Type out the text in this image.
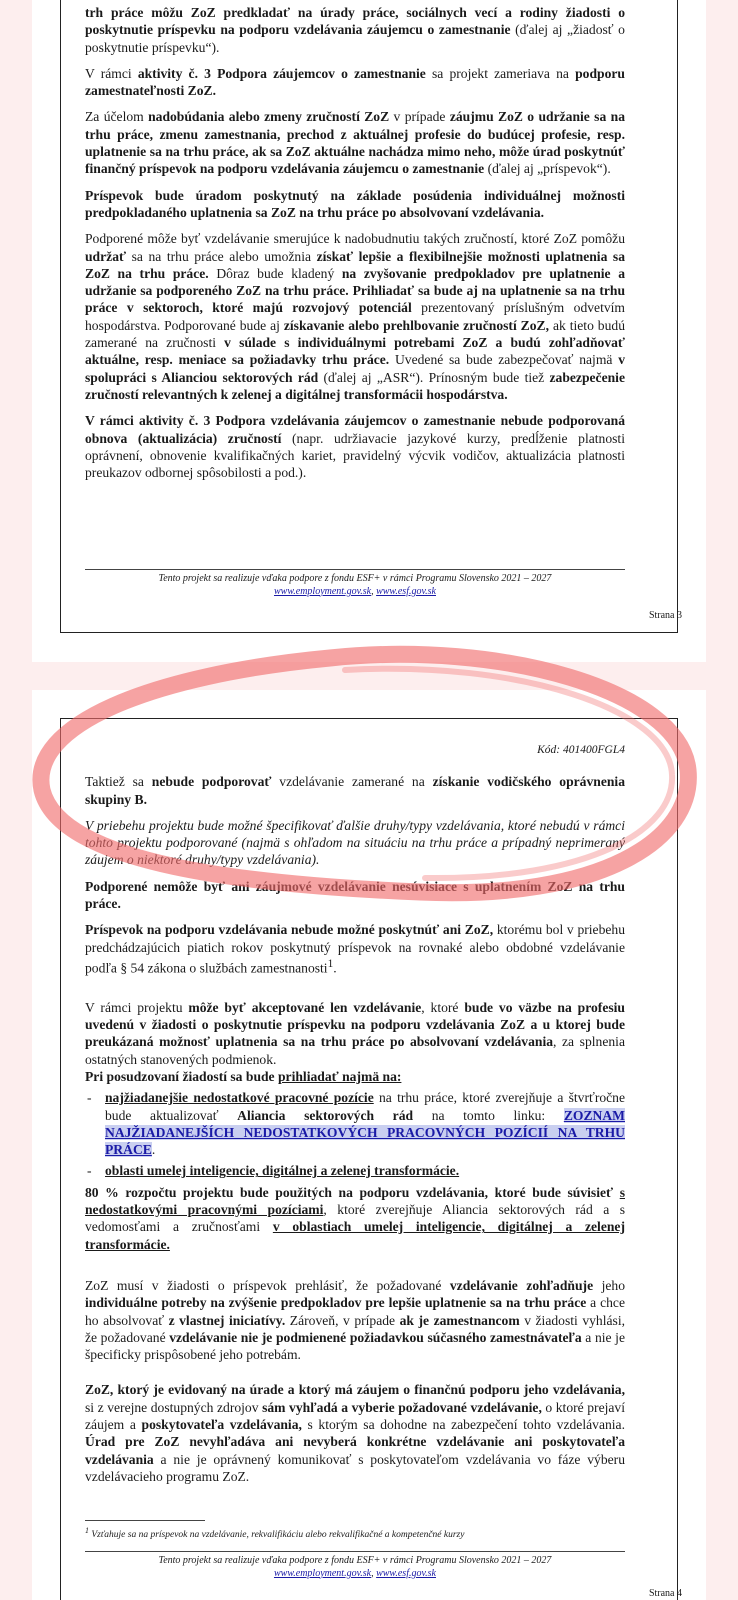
trh práce môžu ZoZ predkladať na úrady práce, sociálnych vecí a rodiny žiadosti o poskytnutie príspevku na podporu vzdelávania záujemcu o zamestnanie (ďalej aj „žiadosť o poskytnutie príspevku“).

V rámci aktivity č. 3 Podpora záujemcov o zamestnanie sa projekt zameriava na podporu zamestnateľnosti ZoZ.

Za účelom nadobúdania alebo zmeny zručností ZoZ v prípade záujmu ZoZ o udržanie sa na trhu práce, zmenu zamestnania, prechod z aktuálnej profesie do budúcej profesie, resp. uplatnenie sa na trhu práce, ak sa ZoZ aktuálne nachádza mimo neho, môže úrad poskytnúť finančný príspevok na podporu vzdelávania záujemcu o zamestnanie (ďalej aj „príspevok“).

Príspevok bude úradom poskytnutý na základe posúdenia individuálnej možnosti predpokladaného uplatnenia sa ZoZ na trhu práce po absolvovaní vzdelávania.

Podporené môže byť vzdelávanie smerujúce k nadobudnutiu takých zručností, ktoré ZoZ pomôžu udržať sa na trhu práce alebo umožnia získať lepšie a flexibilnejšie možnosti uplatnenia sa ZoZ na trhu práce. Dôraz bude kladený na zvyšovanie predpokladov pre uplatnenie a udržanie sa podporeného ZoZ na trhu práce. Prihliadať sa bude aj na uplatnenie sa na trhu práce v sektoroch, ktoré majú rozvojový potenciál prezentovaný príslušným odvetvím hospodárstva. Podporované bude aj získavanie alebo prehlbovanie zručností ZoZ, ak tieto budú zamerané na zručnosti v súlade s individuálnymi potrebami ZoZ a budú zohľadňovať aktuálne, resp. meniace sa požiadavky trhu práce. Uvedené sa bude zabezpečovať najmä v spolupráci s Alianciou sektorových rád (ďalej aj „ASR“). Prínosným bude tiež zabezpečenie zručností relevantných k zelenej a digitálnej transformácii hospodárstva.

V rámci aktivity č. 3 Podpora vzdelávania záujemcov o zamestnanie nebude podporovaná obnova (aktualizácia) zručností (napr. udržiavacie jazykové kurzy, predĺženie platnosti oprávnení, obnovenie kvalifikačných kariet, pravidelný výcvik vodičov, aktualizácia platnosti preukazov odbornej spôsobilosti a pod.).

Tento projekt sa realizuje vďaka podpore z fondu ESF+ v rámci Programu Slovensko 2021 – 2027
www.employment.gov.sk, www.esf.gov.sk
Strana 3
Kód: 401400FGL4

Taktiež sa nebude podporovať vzdelávanie zamerané na získanie vodičského oprávnenia skupiny B.

V priebehu projektu bude možné špecifikovať ďalšie druhy/typy vzdelávania, ktoré nebudú v rámci tohto projektu podporované (najmä s ohľadom na situáciu na trhu práce a prípadný neprimeraný záujem o niektoré druhy/typy vzdelávania).

Podporené nemôže byť ani záujmové vzdelávanie nesúvisiace s uplatnením ZoZ na trhu práce.

Príspevok na podporu vzdelávania nebude možné poskytnúť ani ZoZ, ktorému bol v priebehu predchádzajúcich piatich rokov poskytnutý príspevok na rovnaké alebo obdobné vzdelávanie podľa § 54 zákona o službách zamestnanosti$^1$.

V rámci projektu môže byť akceptované len vzdelávanie, ktoré bude vo väzbe na profesiu uvedenú v žiadosti o poskytnutie príspevku na podporu vzdelávania ZoZ a u ktorej bude preukázaná možnosť uplatnenia sa na trhu práce po absolvovaní vzdelávania, za splnenia ostatných stanovených podmienok.

Pri posudzovaní žiadostí sa bude prihliadať najmä na:

- najžiadanejšie nedostatkové pracovné pozície na trhu práce, ktoré zverejňuje a štvrťročne bude aktualizovať Aliancia sektorových rád na tomto linku: ZOZNAM NAJŽIADANEJŠÍCH NEDOSTATKOVÝCH PRACOVNÝCH POZÍCIÍ NA TRHU PRÁCE.
- oblasti umelej inteligencie, digitálnej a zelenej transformácie.

80 % rozpočtu projektu bude použitých na podporu vzdelávania, ktoré bude súvisieť s nedostatkovými pracovnými pozíciami, ktoré zverejňuje Aliancia sektorových rád a s vedomosťami a zručnosťami v oblastiach umelej inteligencie, digitálnej a zelenej transformácie.

ZoZ musí v žiadosti o príspevok prehlásiť, že požadované vzdelávanie zohľadňuje jeho individuálne potreby na zvýšenie predpokladov pre lepšie uplatnenie sa na trhu práce a chce ho absolvovať z vlastnej iniciatívy. Zároveň, v prípade ak je zamestnancom v žiadosti vyhlási, že požadované vzdelávanie nie je podmienené požiadavkou súčasného zamestnávateľa a nie je špecificky prispôsobené jeho potrebám.

ZoZ, ktorý je evidovaný na úrade a ktorý má záujem o finančnú podporu jeho vzdelávania, si z verejne dostupných zdrojov sám vyhľadá a vyberie požadované vzdelávanie, o ktoré prejaví záujem a poskytovateľa vzdelávania, s ktorým sa dohodne na zabezpečení tohto vzdelávania. Úrad pre ZoZ nevyhľadáva ani nevyberá konkrétne vzdelávanie ani poskytovateľa vzdelávania a nie je oprávnený komunikovať s poskytovateľom vzdelávania vo fáze výberu vzdelávacieho programu ZoZ.

$^1$ Vzťahuje sa na príspevok na vzdelávanie, rekvalifikáciu alebo rekvalifikačné a kompetenčné kurzy
Tento projekt sa realizuje vďaka podpore z fondu ESF+ v rámci Programu Slovensko 2021 – 2027
www.employment.gov.sk, www.esf.gov.sk
Strana 4
